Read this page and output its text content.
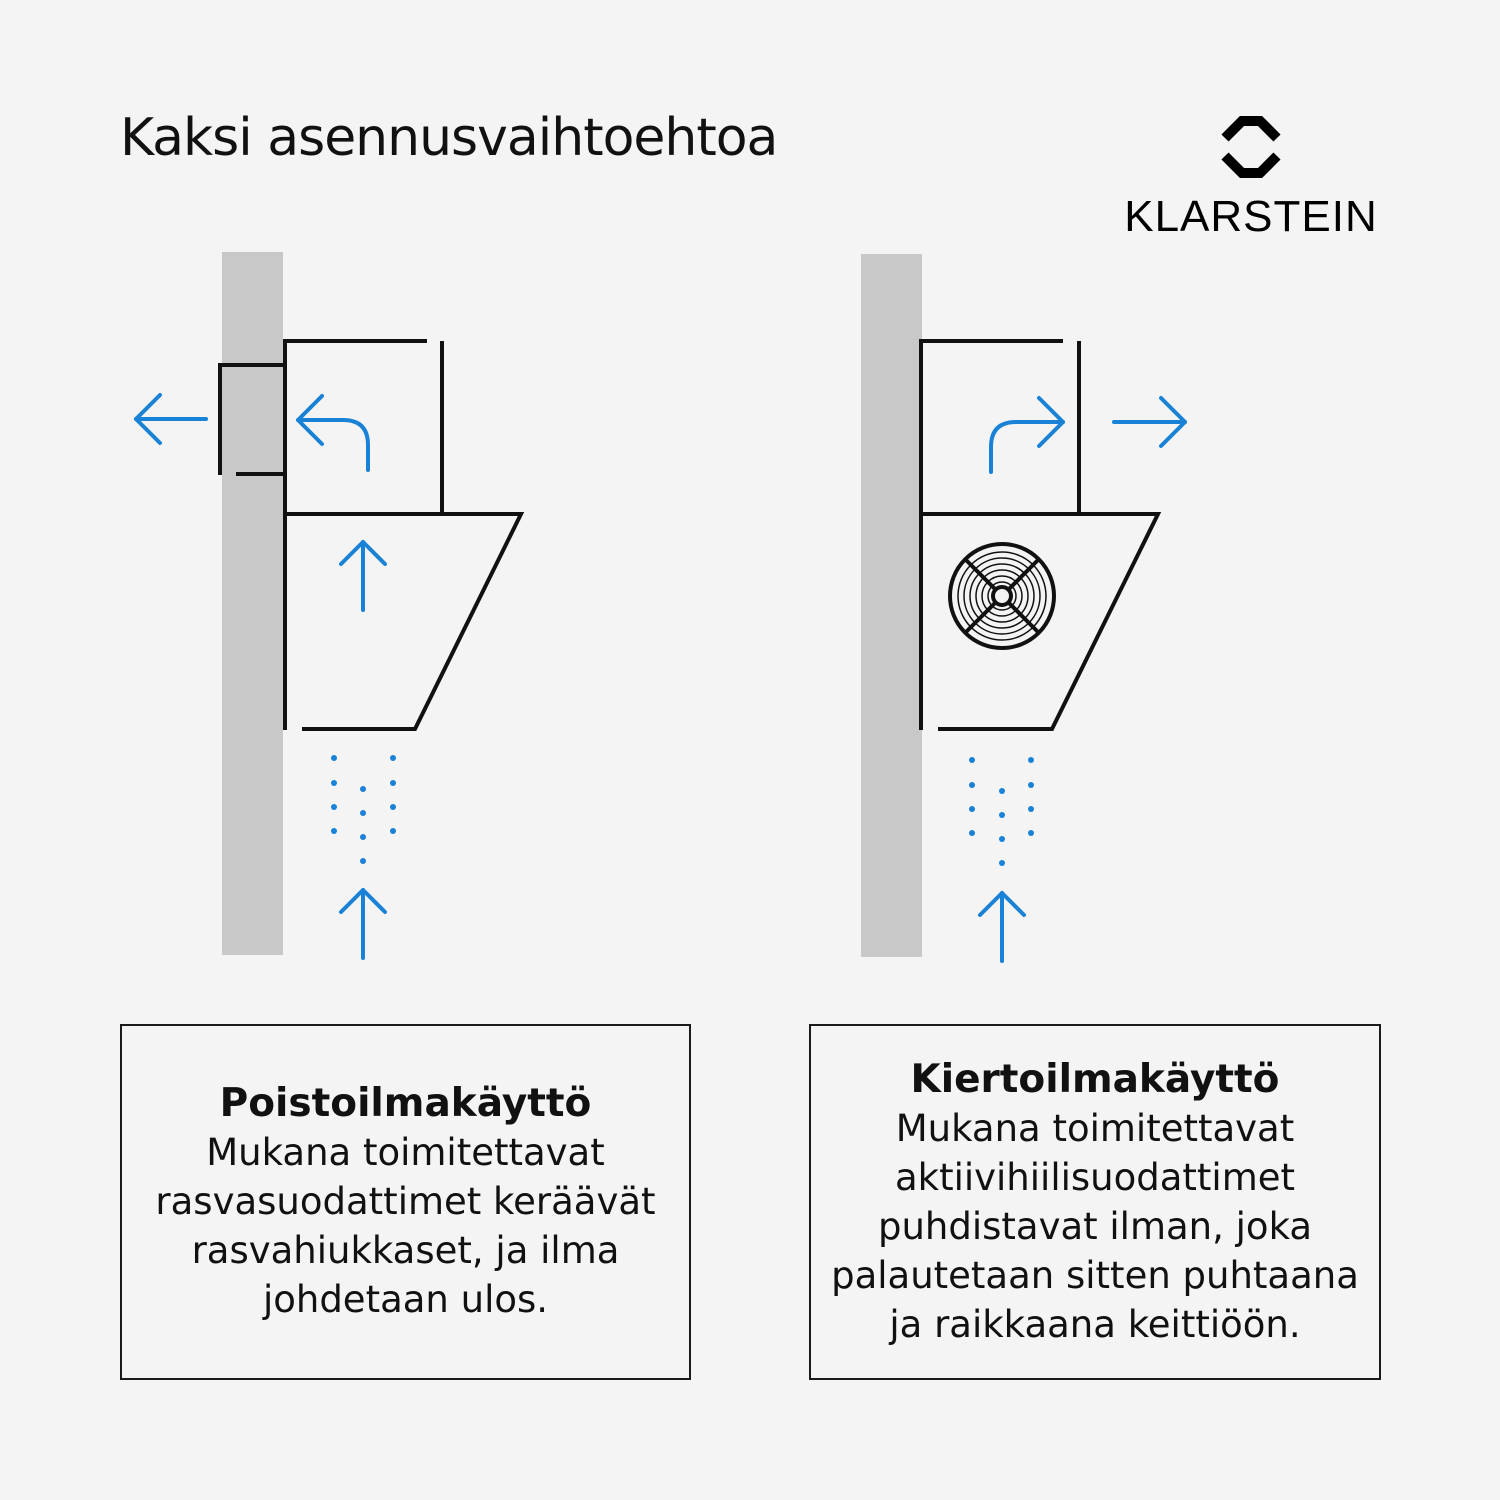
Kaksi asennusvaihtoehtoa
KLARSTEIN
Poistoilmakäyttö

Mukana toimitettavat rasvasuodattimet keräävät rasvahiukkaset, ja ilma johdetaan ulos.

Kiertoilmakäyttö

Mukana toimitettavat aktiivihiilisuodattimet puhdistavat ilman, joka palautetaan sitten puhtaana ja raikkaana keittiöön.
